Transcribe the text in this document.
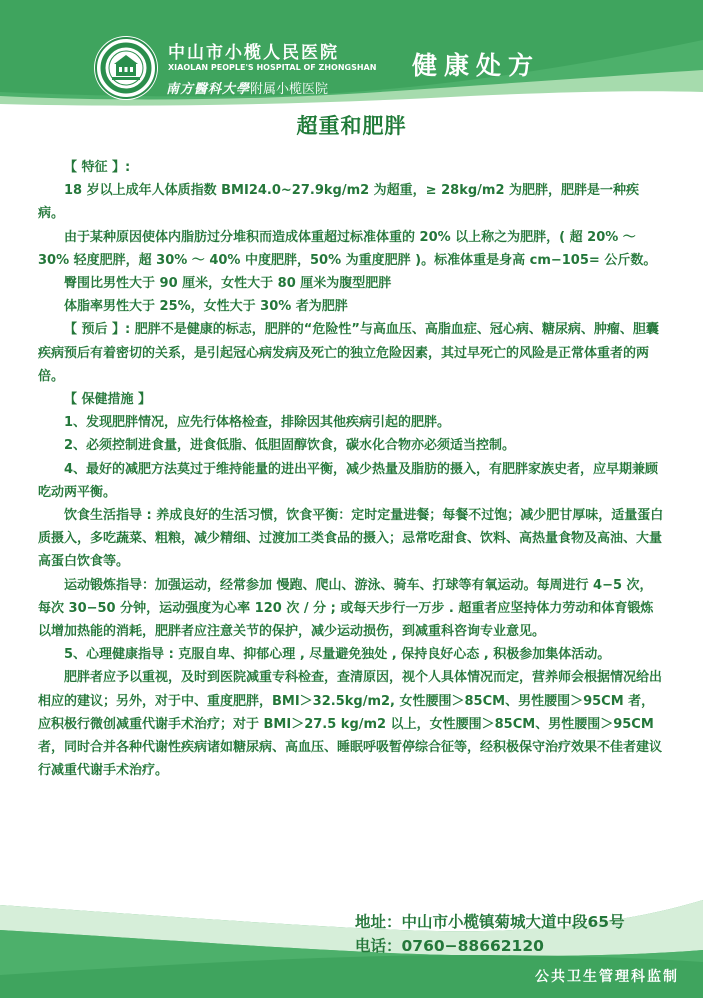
中山市小榄人民医院
XIAOLAN PEOPLE'S HOSPITAL OF ZHONGSHAN
南方醫科大學附属小榄医院
健康处方
超重和肥胖

【 特征 】:

18 岁以上成年人体质指数 BMI24.0~27.9kg/m2 为超重，≥ 28kg/m2 为肥胖，肥胖是一种疾病。

由于某种原因使体内脂肪过分堆积而造成体重超过标准体重的 20% 以上称之为肥胖，( 超 20% ～ 30% 轻度肥胖，超 30% ～ 40% 中度肥胖，50% 为重度肥胖 )。标准体重是身高 cm−105= 公斤数。

臀围比男性大于 90 厘米，女性大于 80 厘米为腹型肥胖

体脂率男性大于 25%，女性大于 30% 者为肥胖

【 预后 】: 肥胖不是健康的标志，肥胖的“危险性”与高血压、高脂血症、冠心病、糖尿病、肿瘤、胆囊疾病预后有着密切的关系，是引起冠心病发病及死亡的独立危险因素，其过早死亡的风险是正常体重者的两倍。

【 保健措施 】

1、发现肥胖情况，应先行体格检查，排除因其他疾病引起的肥胖。

2、必须控制进食量，进食低脂、低胆固醇饮食，碳水化合物亦必须适当控制。

4、最好的减肥方法莫过于维持能量的进出平衡，减少热量及脂肪的摄入，有肥胖家族史者，应早期兼顾吃动两平衡。

饮食生活指导 : 养成良好的生活习惯，饮食平衡：定时定量进餐；每餐不过饱；减少肥甘厚味，适量蛋白质摄入，多吃蔬菜、粗粮，减少精细、过渡加工类食品的摄入；忌常吃甜食、饮料、高热量食物及高油、大量高蛋白饮食等。

运动锻炼指导：加强运动，经常参加 慢跑、爬山、游泳、骑车、打球等有氧运动。每周进行 4−5 次，每次 30−50 分钟，运动强度为心率 120 次 / 分 ; 或每天步行一万步 . 超重者应坚持体力劳动和体育锻炼以增加热能的消耗，肥胖者应注意关节的保护，减少运动损伤，到减重科咨询专业意见。

5、心理健康指导 : 克服自卑、抑郁心理 , 尽量避免独处 , 保持良好心态 , 积极参加集体活动。

肥胖者应予以重视，及时到医院减重专科检查，查清原因，视个人具体情况而定，营养师会根据情况给出相应的建议；另外，对于中、重度肥胖，BMI＞32.5kg/m2, 女性腰围＞85CM、男性腰围＞95CM 者，应积极行微创减重代谢手术治疗；对于 BMI＞27.5 kg/m2 以上，女性腰围＞85CM、男性腰围＞95CM 者，同时合并各种代谢性疾病诸如糖尿病、高血压、睡眠呼吸暂停综合征等，经积极保守治疗效果不佳者建议行减重代谢手术治疗。

地址：中山市小榄镇菊城大道中段65号
电话：0760−88662120
公共卫生管理科监制
